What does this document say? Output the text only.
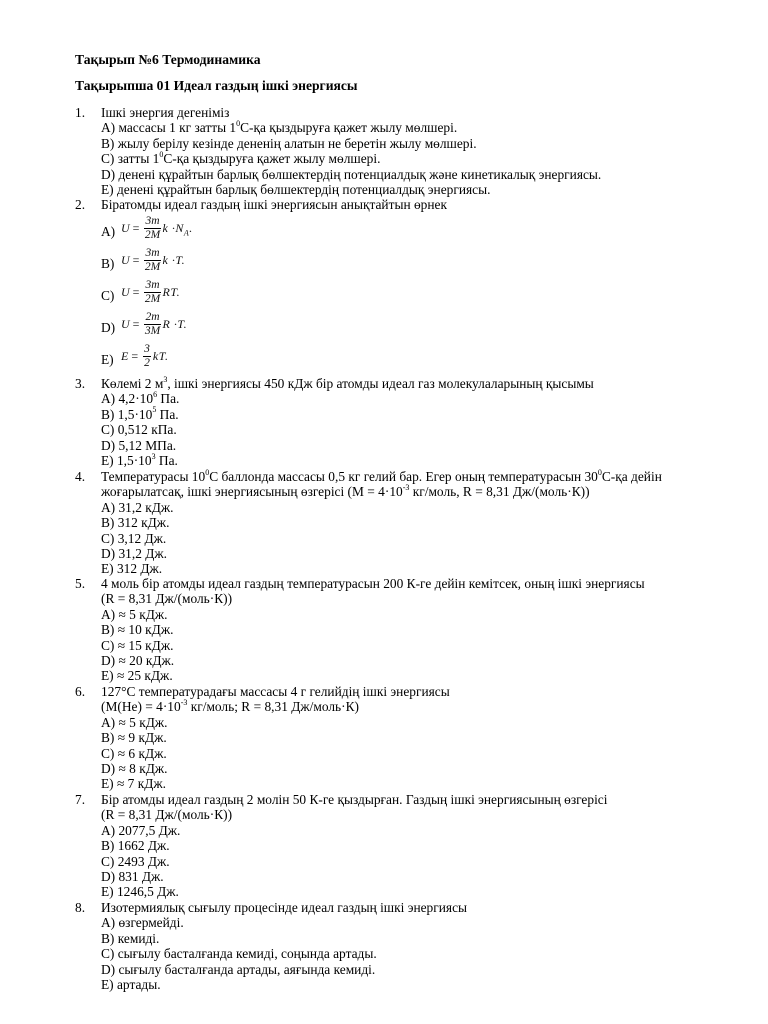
Тақырып №6 Термодинамика
Тақырыпша 01 Идеал газдың ішкі энергиясы
1. Ішкі энергия дегеніміз
А) массасы 1 кг затты $1^0С-қа$ қыздыруға қажет жылу мөлшері.
В) жылу берілу кезінде дененің алатын не беретін жылу мөлшері.
С) затты $1^0С-қа$ қыздыруға қажет жылу мөлшері.
D) денені құрайтын барлық бөлшектердің потенциалдық және кинетикалық энергиясы.
Е) денені құрайтын барлық бөлшектердің потенциалдық энергиясы.
2. Біратомды идеал газдың ішкі энергиясын анықтайтын өрнек
А) $U = \frac{3m}{2M}$ $k \cdot N_A$.
В) $U = \frac{3m}{2M}$ k ·T.
С) $U = \frac{3m}{2M}$ RT.
D) $U = \frac{2m}{3M}$ R ·T.
Е) $E = \frac{3}{2}$ kT.
3. Көлемі 2 $м^3$, ішкі энергиясы 450 кДж бір атомды идеал газ молекулаларының қысымы
А) $4,2\cdot 10^6$ Па.
В) $1,5\cdot 10^5$ Па.
С) 0,512 кПа.
D) 5,12 МПа.
Е) $1,5\cdot 10^3$ Па.
4. Температурасы $10^0С$ баллонда массасы 0,5 кг гелий бар. Егер оның температурасын $30^0С-қа$ дейін
жоғарылатсақ, ішкі энергиясының өзгерісі ($М = 4\cdot 10^{-3}$ кг/моль, R = 8,31 Дж/(моль·К))
А) 31,2 кДж.
В) 312 кДж.
С) 3,12 Дж.
D) 31,2 Дж.
Е) 312 Дж.
5. 4 моль бір атомды идеал газдың температурасын 200 К-ге дейін кемітсек, оның ішкі энергиясы
(R = 8,31 Дж/(моль·К))
А) ≈ 5 кДж.
В) ≈ 10 кДж.
С) ≈ 15 кДж.
D) ≈ 20 кДж.
Е) ≈ 25 кДж.
6. 127°С температурадағы массасы 4 г гелийдің ішкі энергиясы
($М(Не) = 4\cdot 10^{-3}$ кг/моль; R = 8,31 Дж/моль·К)
А) ≈ 5 кДж.
В) ≈ 9 кДж.
С) ≈ 6 кДж.
D) ≈ 8 кДж.
Е) ≈ 7 кДж.
7. Бір атомды идеал газдың 2 молін 50 К-ге қыздырған. Газдың ішкі энергиясының өзгерісі
(R = 8,31 Дж/(моль·К))
А) 2077,5 Дж.
В) 1662 Дж.
С) 2493 Дж.
D) 831 Дж.
Е) 1246,5 Дж.
8. Изотермиялық сығылу процесінде идеал газдың ішкі энергиясы
А) өзгермейді.
В) кемиді.
С) сығылу басталғанда кемиді, соңында артады.
D) сығылу басталғанда артады, аяғында кемиді.
Е) артады.
